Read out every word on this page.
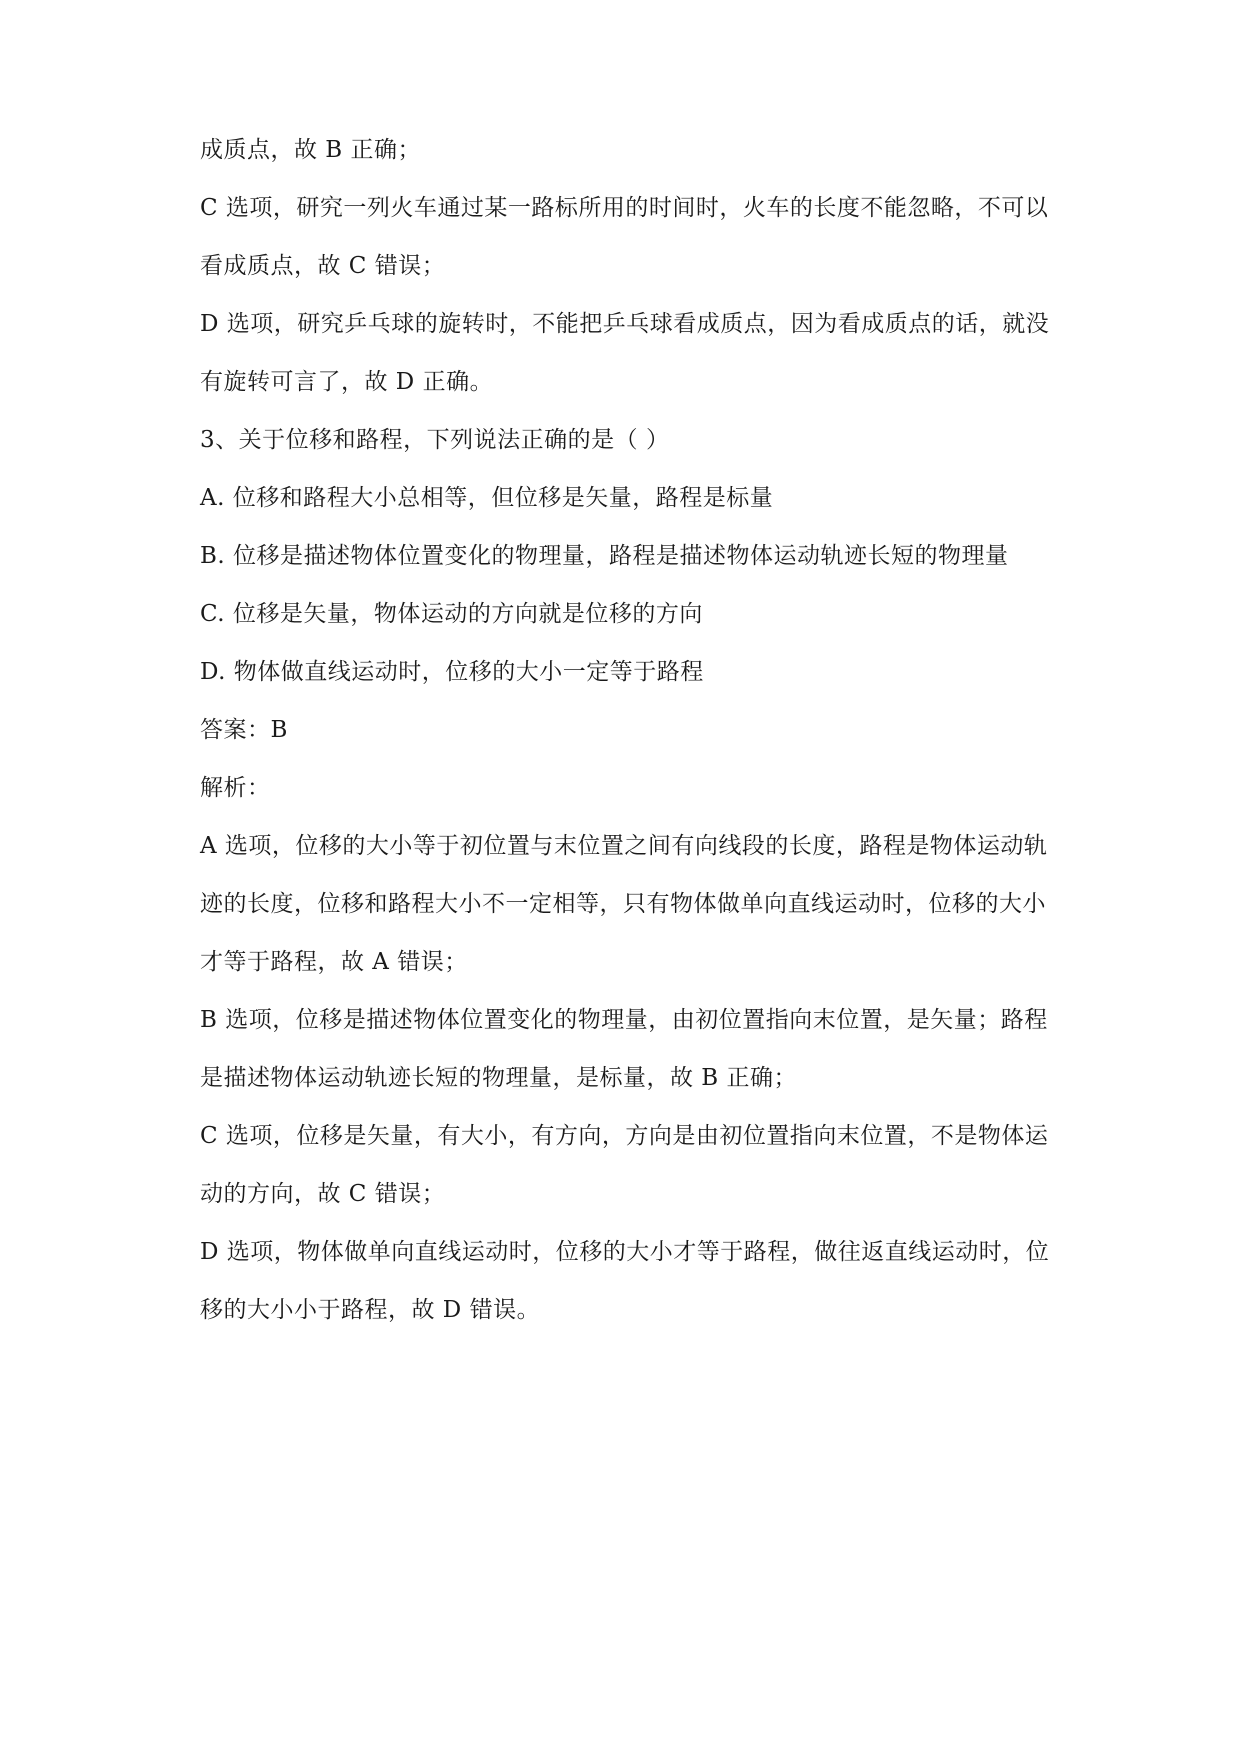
成质点，故 B 正确；
C 选项，研究一列火车通过某一路标所用的时间时，火车的长度不能忽略，不可以
看成质点，故 C 错误；
D 选项，研究乒乓球的旋转时，不能把乒乓球看成质点，因为看成质点的话，就没
有旋转可言了，故 D 正确。
3、关于位移和路程，下列说法正确的是（ ）
A. 位移和路程大小总相等，但位移是矢量，路程是标量
B. 位移是描述物体位置变化的物理量，路程是描述物体运动轨迹长短的物理量
C. 位移是矢量，物体运动的方向就是位移的方向
D. 物体做直线运动时，位移的大小一定等于路程
答案：B
解析：
A 选项，位移的大小等于初位置与末位置之间有向线段的长度，路程是物体运动轨
迹的长度，位移和路程大小不一定相等，只有物体做单向直线运动时，位移的大小
才等于路程，故 A 错误；
B 选项，位移是描述物体位置变化的物理量，由初位置指向末位置，是矢量；路程
是描述物体运动轨迹长短的物理量，是标量，故 B 正确；
C 选项，位移是矢量，有大小，有方向，方向是由初位置指向末位置，不是物体运
动的方向，故 C 错误；
D 选项，物体做单向直线运动时，位移的大小才等于路程，做往返直线运动时，位
移的大小小于路程，故 D 错误。
